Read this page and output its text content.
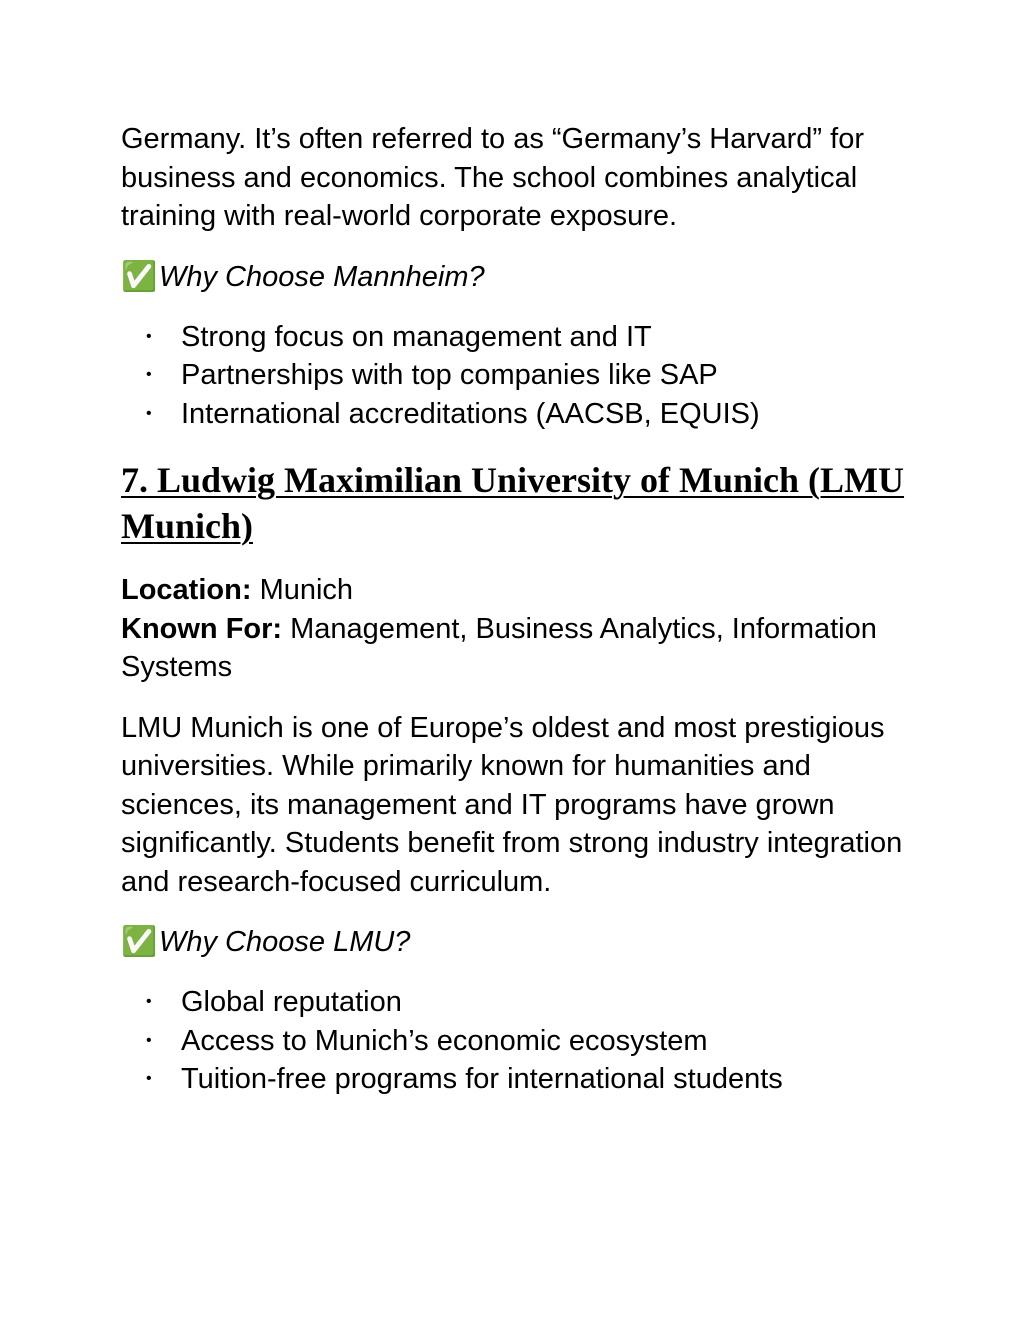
Germany. It’s often referred to as “Germany’s Harvard” for business and economics. The school combines analytical training with real-world corporate exposure.

✅Why Choose Mannheim?

• Strong focus on management and IT
• Partnerships with top companies like SAP
• International accreditations (AACSB, EQUIS)
7. Ludwig Maximilian University of Munich (LMU Munich)

Location: Munich
Known For: Management, Business Analytics, Information Systems

LMU Munich is one of Europe’s oldest and most prestigious universities. While primarily known for humanities and sciences, its management and IT programs have grown significantly. Students benefit from strong industry integration and research-focused curriculum.

✅Why Choose LMU?

• Global reputation
• Access to Munich’s economic ecosystem
• Tuition-free programs for international students
